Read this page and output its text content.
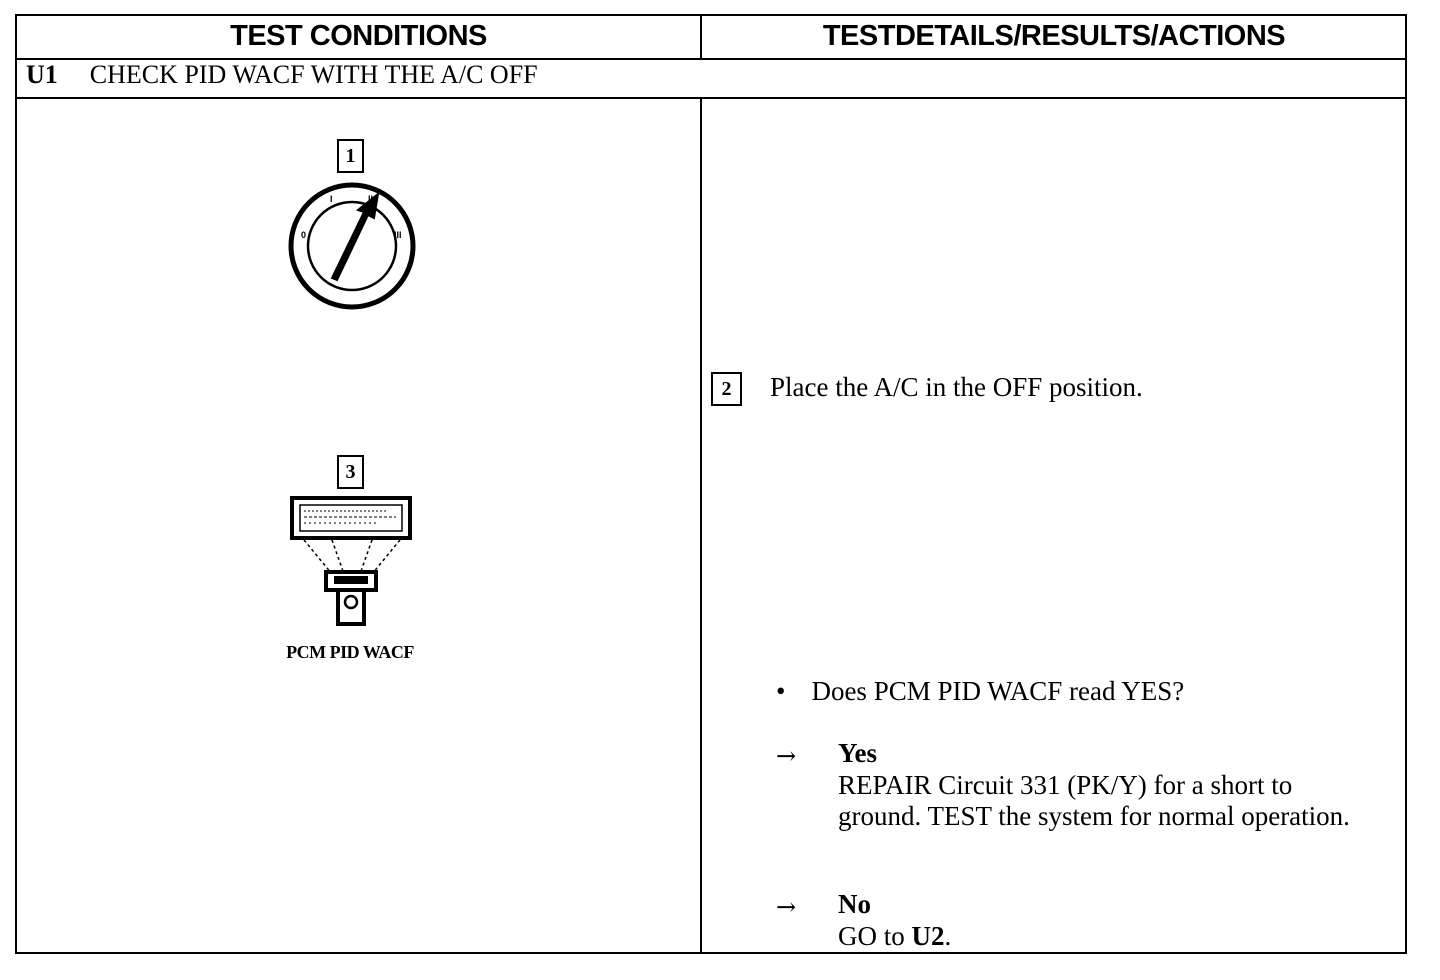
TEST CONDITIONS	TESTDETAILS/RESULTS/ACTIONS
U1 CHECK PID WACF WITH THE A/C OFF
1
0
I	II
III
3
PCM PID WACF
2	Place the A/C in the OFF position.
• Does PCM PID WACF read YES?
→ Yes
REPAIR Circuit 331 (PK/Y) for a short to ground. TEST the system for normal operation.
→ No
GO to U2.
